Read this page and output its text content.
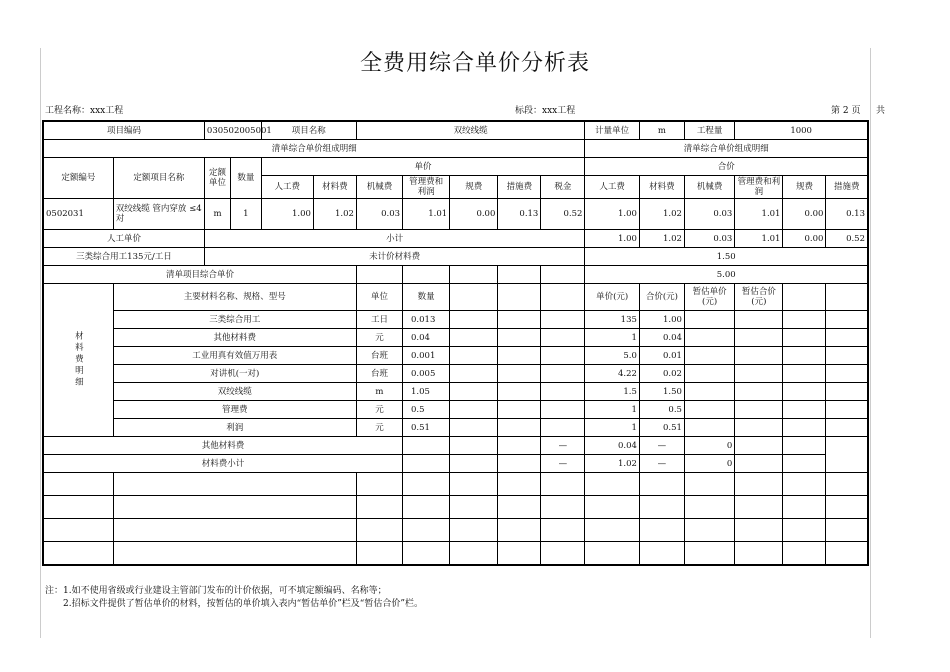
全费用综合单价分析表
工程名称：xxx工程	标段：xxx工程	第 2 页 共
项目编码		030502005001		项目名称		双绞线缆					计量单位	m	工程量	1000		
清单综合单价组成明细											清单综合单价组成明细					
定额编号	定额项目名称	定额单位	数量	单价							合价					
				人工费	材料费	机械费	管理费和利润	规费	措施费	税金	人工费	材料费	机械费	管理费和利润	规费	措施费
0502031	双绞线缆 管内穿放 ≤4对	m	1	1.00	1.02	0.03	1.01	0.00	0.13	0.52	1.00	1.02	0.03	1.01	0.00	0.13
人工单价		小计									1.00	1.02	0.03	1.01	0.00	0.52
三类综合用工135元/工日		未计价材料费									1.50					
清单项目综合单价											5.00					

材料费明细	主要材料名称、规格、型号					单位	数量				单价(元)	合价(元)	暂估单价(元)	暂估合价(元)		
	三类综合用工					工日	0.013				135	1.00				
	其他材料费					元	0.04				1	0.04				
	工业用真有效值万用表					台班	0.001				5.0	0.01				
	对讲机(一对)					台班	0.005				4.22	0.02				
	双绞线缆					m	1.05				1.5	1.50				
	管理费					元	0.5				1	0.5				
	利润					元	0.51				1	0.51				
其他材料费										—	0.04	—	0			
材料费小计										—	1.02	—	0			

注：1.如不使用省级或行业建设主管部门发布的计价依据，可不填定额编码、名称等；
2.招标文件提供了暂估单价的材料，按暂估的单价填入表内“暂估单价”栏及“暂估合价”栏。
